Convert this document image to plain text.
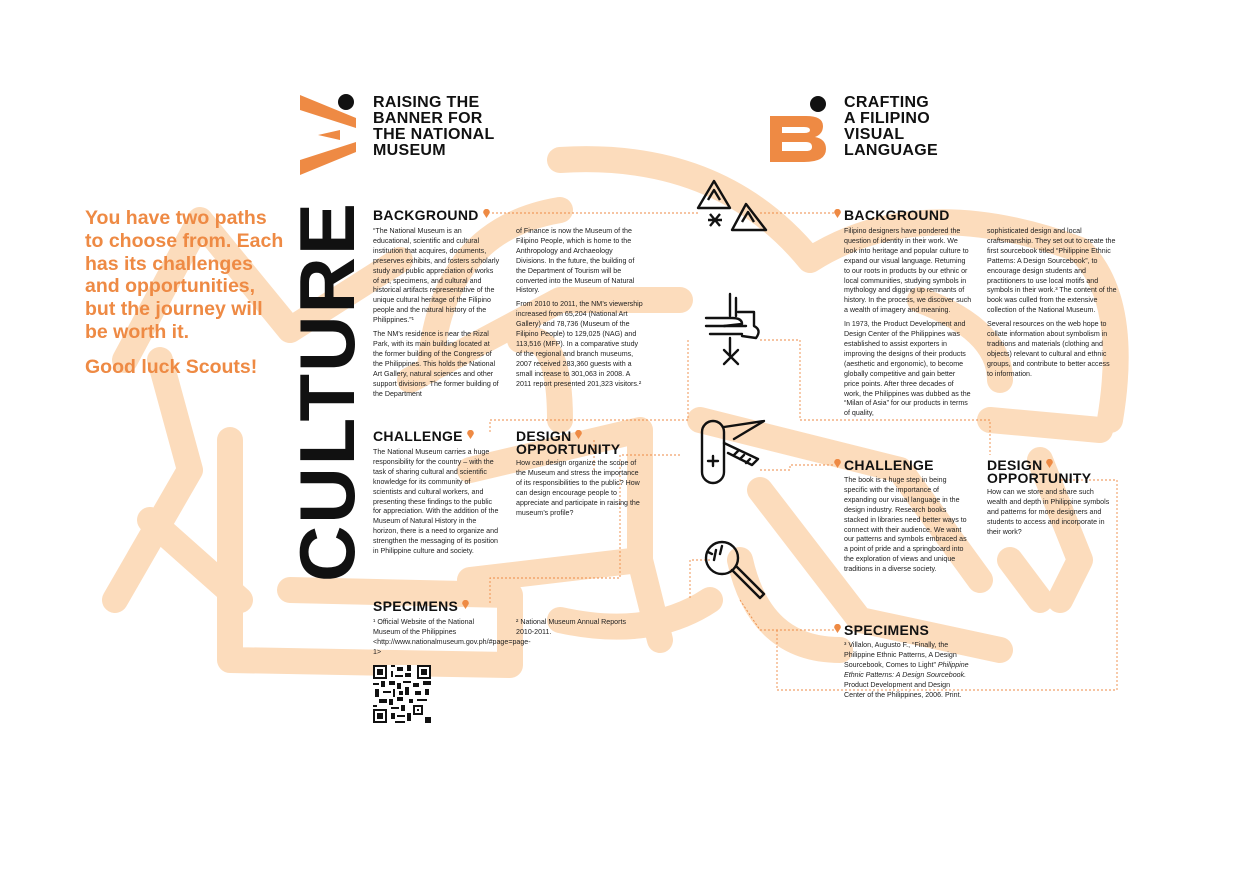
You have two paths to choose from. Each has its challenges and opportunities, but the journey will be worth it.

Good luck Scouts! CULTURE
RAISING THE
BANNER FOR
THE NATIONAL
MUSEUM
BACKGROUND

“The National Museum is an educational, scientific and cultural institution that acquires, documents, preserves exhibits, and fosters scholarly study and public appreciation of works of art, specimens, and cultural and historical artifacts representative of the unique cultural heritage of the Filipino people and the natural history of the Philippines.”¹

The NM’s residence is near the Rizal Park, with its main building located at the former building of the Congress of the Philippines. This holds the National Art Gallery, natural sciences and other support divisions. The former building of the Department

of Finance is now the Museum of the Filipino People, which is home to the Anthropology and Archaeology Divisions. In the future, the building of the Department of Tourism will be converted into the Museum of Natural History.

From 2010 to 2011, the NM’s viewership increased from 65,204 (National Art Gallery) and 78,736 (Museum of the Filipino People) to 129,025 (NAG) and 113,516 (MFP). In a comparative study of the regional and branch museums, 2007 received 283,360 guests with a small increase to 301,063 in 2008. A 2011 report presented 201,323 visitors.²

CHALLENGE

The National Museum carries a huge responsibility for the country – with the task of sharing cultural and scientific knowledge for its community of scientists and cultural workers, and presenting these findings to the public for appreciation. With the addition of the Museum of Natural History in the horizon, there is a need to organize and strengthen the messaging of its position in Philippine culture and society.

DESIGN
OPPORTUNITY

How can design organize the scope of the Museum and stress the importance of its responsibilities to the public? How can design encourage people to appreciate and participate in raising the museum’s profile?

SPECIMENS

¹ Official Website of the National Museum of the Philippines <http://www.nationalmuseum.gov.ph/#page=page-1>

² National Museum Annual Reports 2010-2011.

CRAFTING
A FILIPINO
VISUAL
LANGUAGE
BACKGROUND

Filipino designers have pondered the question of identity in their work. We look into heritage and popular culture to expand our visual language. Returning to our roots in products by our ethnic or local communities, studying symbols in mythology and digging up remnants of history. In the process, we discover such a wealth of imagery and meaning.

In 1973, the Product Development and Design Center of the Philippines was established to assist exporters in improving the designs of their products (aesthetic and ergonomic), to become globally competitive and gain better price points. After three decades of work, the Philippines was dubbed as the “Milan of Asia” for our products in terms of quality,

sophisticated design and local craftsmanship. They set out to create the first sourcebook titled “Philippine Ethnic Patterns: A Design Sourcebook”, to encourage design students and practitioners to use local motifs and symbols in their work.³ The content of the book was culled from the extensive collection of the National Museum.

Several resources on the web hope to collate information about symbolism in traditions and materials (clothing and objects) relevant to cultural and ethnic groups, and contribute to better access to information.

CHALLENGE

The book is a huge step in being specific with the importance of expanding our visual language in the design industry. Research books stacked in libraries need better ways to connect with their audience. We want our patterns and symbols embraced as a point of pride and a springboard into the exploration of views and unique traditions in a diverse society.

DESIGN
OPPORTUNITY

How can we store and share such wealth and depth in Philippine symbols and patterns for more designers and students to access and incorporate in their work?

SPECIMENS

³ Villalon, Augusto F., “Finally, the Philippine Ethnic Patterns, A Design Sourcebook, Comes to Light” Philippine Ethnic Patterns: A Design Sourcebook. Product Development and Design Center of the Philippines, 2006. Print.
